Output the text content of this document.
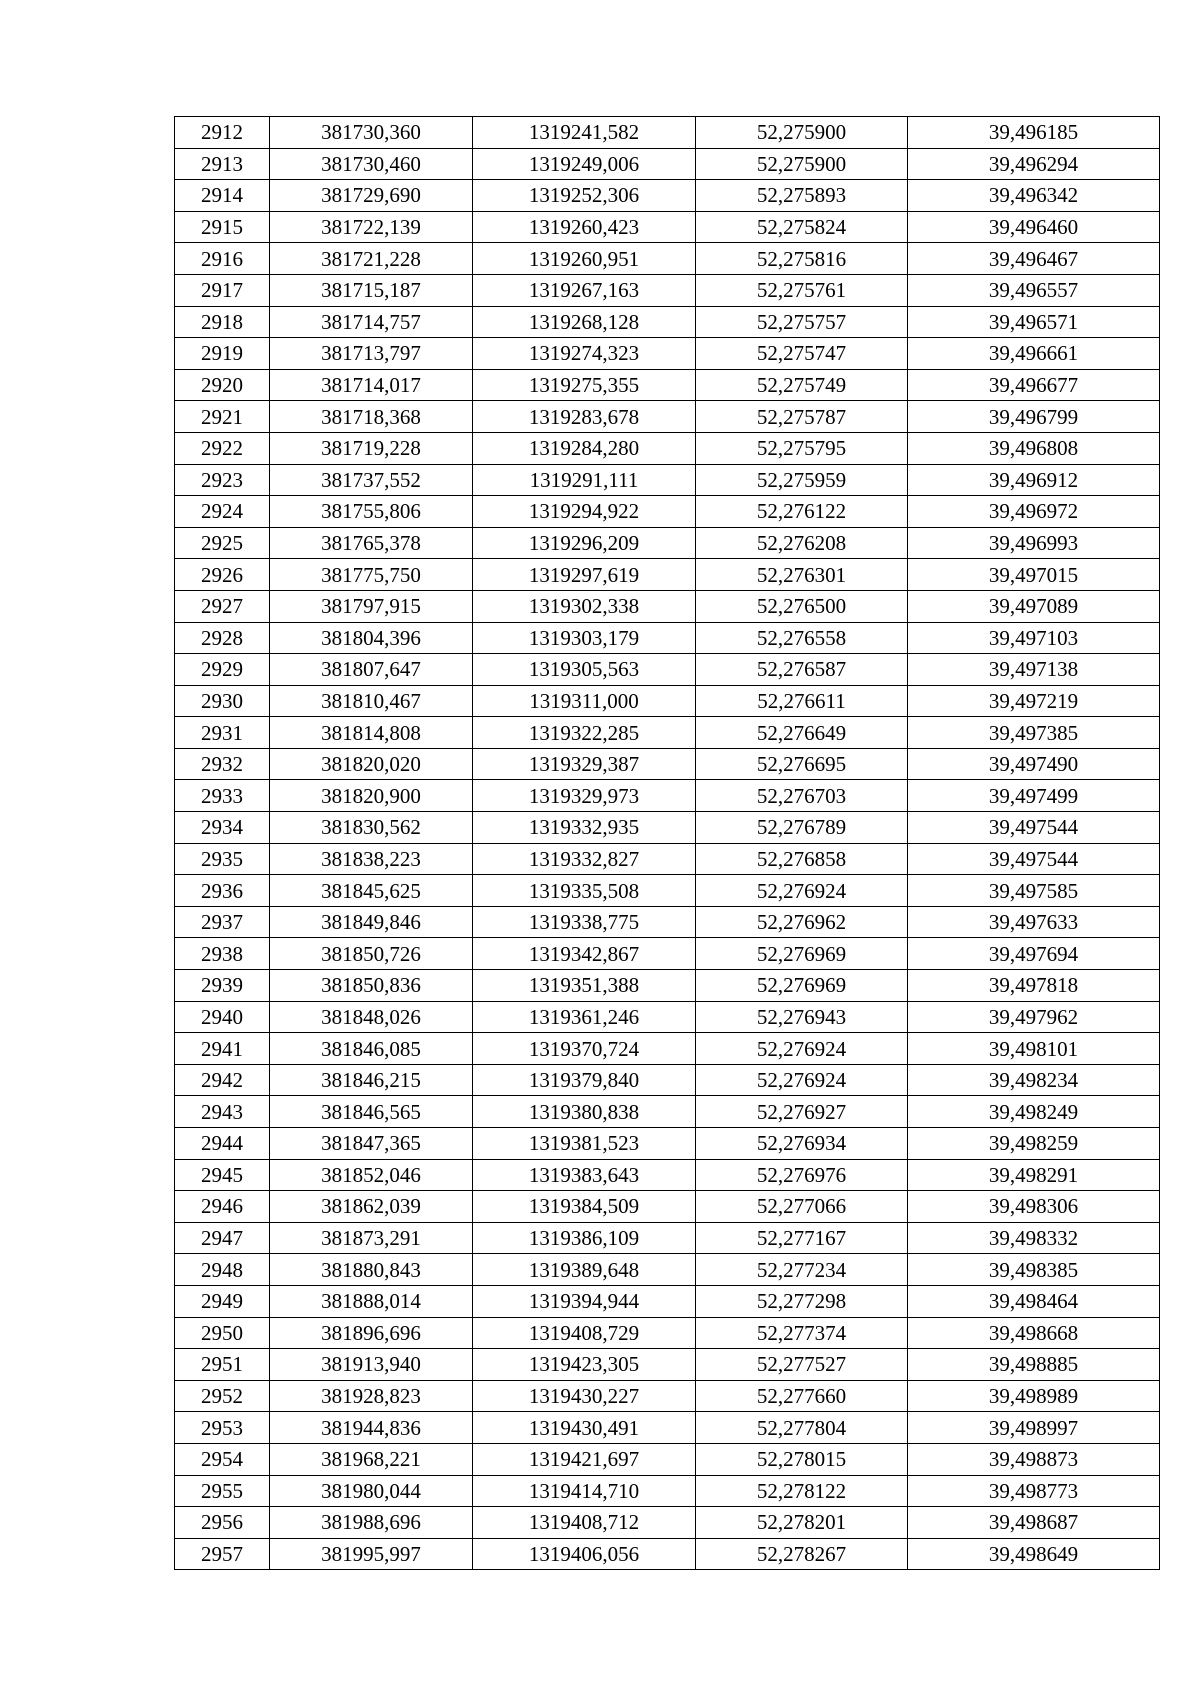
2912	381730,360	1319241,582	52,275900	39,496185
2913	381730,460	1319249,006	52,275900	39,496294
2914	381729,690	1319252,306	52,275893	39,496342
2915	381722,139	1319260,423	52,275824	39,496460
2916	381721,228	1319260,951	52,275816	39,496467
2917	381715,187	1319267,163	52,275761	39,496557
2918	381714,757	1319268,128	52,275757	39,496571
2919	381713,797	1319274,323	52,275747	39,496661
2920	381714,017	1319275,355	52,275749	39,496677
2921	381718,368	1319283,678	52,275787	39,496799
2922	381719,228	1319284,280	52,275795	39,496808
2923	381737,552	1319291,111	52,275959	39,496912
2924	381755,806	1319294,922	52,276122	39,496972
2925	381765,378	1319296,209	52,276208	39,496993
2926	381775,750	1319297,619	52,276301	39,497015
2927	381797,915	1319302,338	52,276500	39,497089
2928	381804,396	1319303,179	52,276558	39,497103
2929	381807,647	1319305,563	52,276587	39,497138
2930	381810,467	1319311,000	52,276611	39,497219
2931	381814,808	1319322,285	52,276649	39,497385
2932	381820,020	1319329,387	52,276695	39,497490
2933	381820,900	1319329,973	52,276703	39,497499
2934	381830,562	1319332,935	52,276789	39,497544
2935	381838,223	1319332,827	52,276858	39,497544
2936	381845,625	1319335,508	52,276924	39,497585
2937	381849,846	1319338,775	52,276962	39,497633
2938	381850,726	1319342,867	52,276969	39,497694
2939	381850,836	1319351,388	52,276969	39,497818
2940	381848,026	1319361,246	52,276943	39,497962
2941	381846,085	1319370,724	52,276924	39,498101
2942	381846,215	1319379,840	52,276924	39,498234
2943	381846,565	1319380,838	52,276927	39,498249
2944	381847,365	1319381,523	52,276934	39,498259
2945	381852,046	1319383,643	52,276976	39,498291
2946	381862,039	1319384,509	52,277066	39,498306
2947	381873,291	1319386,109	52,277167	39,498332
2948	381880,843	1319389,648	52,277234	39,498385
2949	381888,014	1319394,944	52,277298	39,498464
2950	381896,696	1319408,729	52,277374	39,498668
2951	381913,940	1319423,305	52,277527	39,498885
2952	381928,823	1319430,227	52,277660	39,498989
2953	381944,836	1319430,491	52,277804	39,498997
2954	381968,221	1319421,697	52,278015	39,498873
2955	381980,044	1319414,710	52,278122	39,498773
2956	381988,696	1319408,712	52,278201	39,498687
2957	381995,997	1319406,056	52,278267	39,498649
